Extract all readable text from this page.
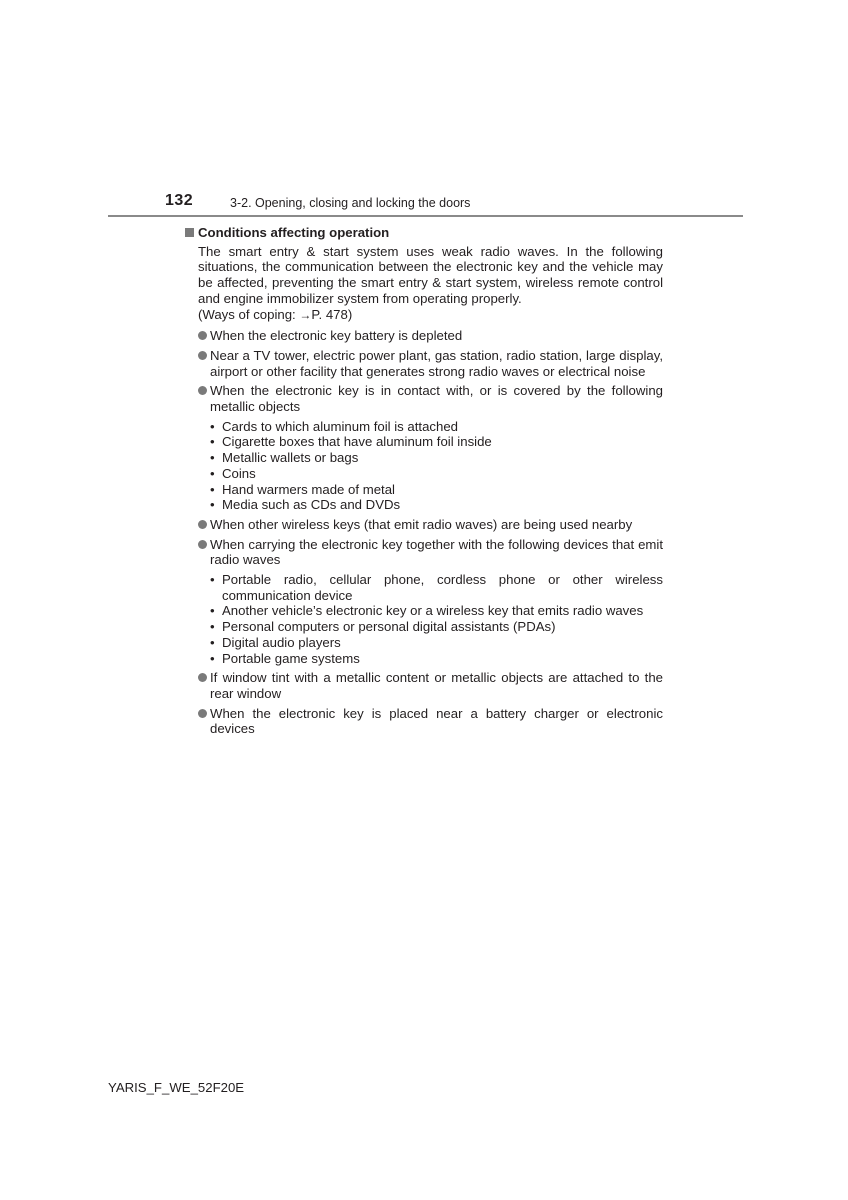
132	3-2. Opening, closing and locking the doors
Conditions affecting operation

The smart entry & start system uses weak radio waves. In the following situations, the communication between the electronic key and the vehicle may be affected, preventing the smart entry & start system, wireless remote control and engine immobilizer system from operating properly.

(Ways of coping: →P. 478)

When the electronic key battery is depleted
Near a TV tower, electric power plant, gas station, radio station, large display, airport or other facility that generates strong radio waves or electrical noise
When the electronic key is in contact with, or is covered by the following metallic objects
• Cards to which aluminum foil is attached
• Cigarette boxes that have aluminum foil inside
• Metallic wallets or bags
• Coins
• Hand warmers made of metal
• Media such as CDs and DVDs
When other wireless keys (that emit radio waves) are being used nearby
When carrying the electronic key together with the following devices that emit radio waves
• Portable radio, cellular phone, cordless phone or other wireless communication device
• Another vehicle’s electronic key or a wireless key that emits radio waves
• Personal computers or personal digital assistants (PDAs)
• Digital audio players
• Portable game systems
If window tint with a metallic content or metallic objects are attached to the rear window
When the electronic key is placed near a battery charger or electronic devices
YARIS_F_WE_52F20E
